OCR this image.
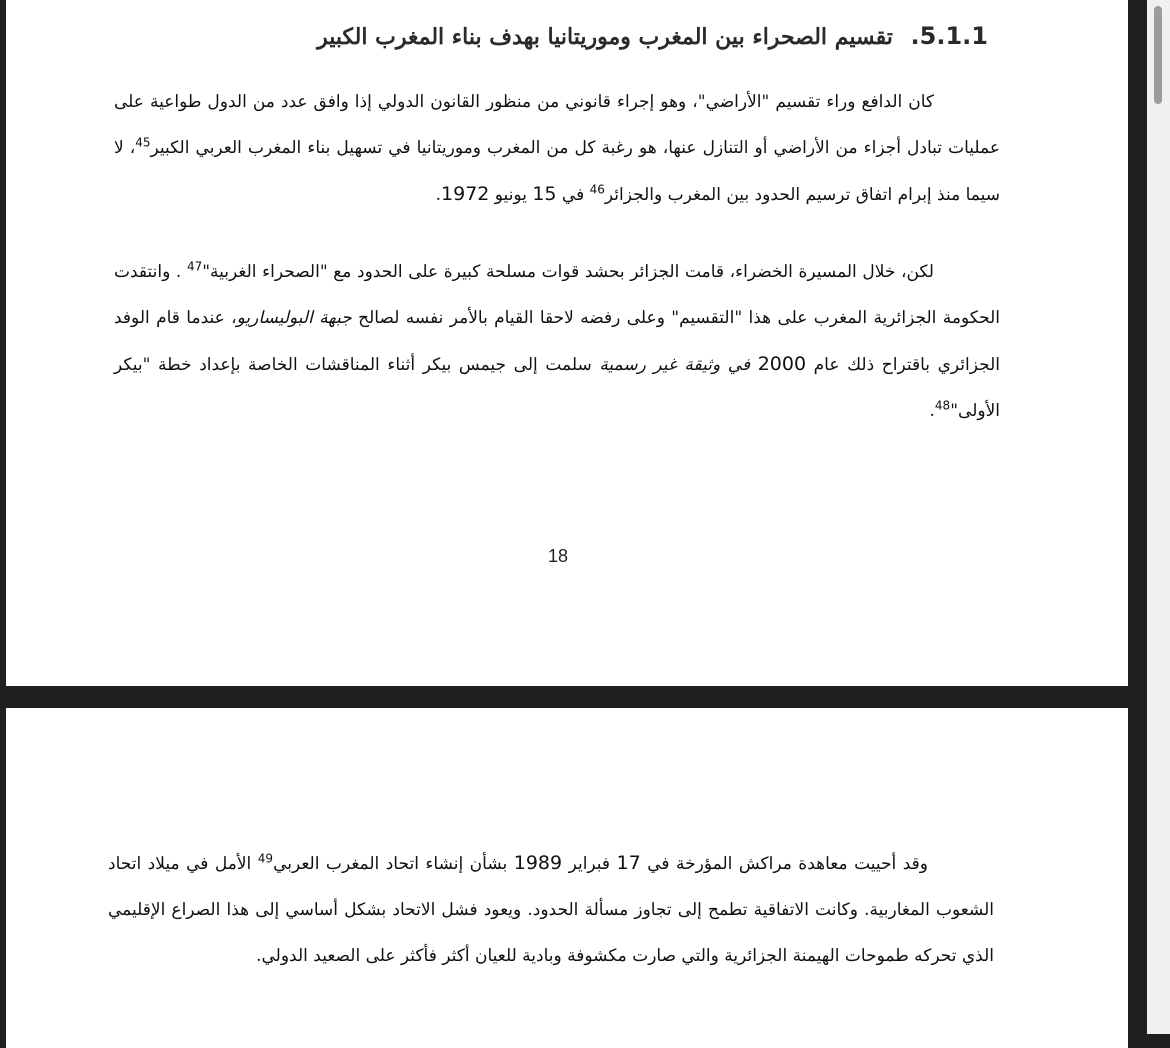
5.1.1. تقسيم الصحراء بين المغرب وموريتانيا بهدف بناء المغرب الكبير
كان الدافع وراء تقسيم "الأراضي"، وهو إجراء قانوني من منظور القانون الدولي إذا وافق عدد من الدول طواعية على عمليات تبادل أجزاء من الأراضي أو التنازل عنها، هو رغبة كل من المغرب وموريتانيا في تسهيل بناء المغرب العربي الكبير$^{45}$، لا سيما منذ إبرام اتفاق ترسيم الحدود بين المغرب والجزائر$^{46}$ في 15 يونيو 1972.
لكن، خلال المسيرة الخضراء، قامت الجزائر بحشد قوات مسلحة كبيرة على الحدود مع "الصحراء الغربية"$^{47}$ . وانتقدت الحكومة الجزائرية المغرب على هذا "التقسيم" وعلى رفضه لاحقا القيام بالأمر نفسه لصالح جبهة البوليساريو، عندما قام الوفد الجزائري باقتراح ذلك عام 2000 في وثيقة غير رسمية سلمت إلى جيمس بيكر أثناء المناقشات الخاصة بإعداد خطة "بيكر الأولى"$^{48}$.
18
وقد أحييت معاهدة مراكش المؤرخة في 17 فبراير 1989 بشأن إنشاء اتحاد المغرب العربي$^{49}$ الأمل في ميلاد اتحاد الشعوب المغاربية. وكانت الاتفاقية تطمح إلى تجاوز مسألة الحدود. ويعود فشل الاتحاد بشكل أساسي إلى هذا الصراع الإقليمي الذي تحركه طموحات الهيمنة الجزائرية والتي صارت مكشوفة وبادية للعيان أكثر فأكثر على الصعيد الدولي.
